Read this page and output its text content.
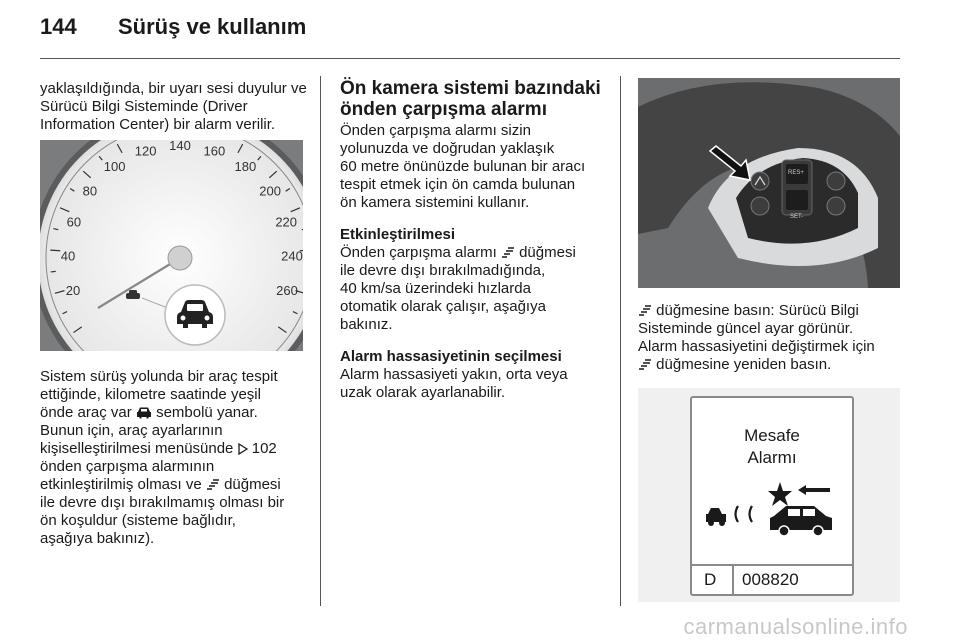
144 Sürüş ve kullanım

yaklaşıldığında, bir uyarı sesi duyulur ve Sürücü Bilgi Sisteminde (Driver Information Center) bir alarm verilir.

20
40
60
80
100
120 140 160
180
200
220
240
260

Sistem sürüş yolunda bir araç tespit
ettiğinde, kilometre saatinde yeşil
önde araç var sembolü yanar.
Bunun için, araç ayarlarının
kişiselleştirilmesi menüsünde 102
önden çarpışma alarmının
etkinleştirilmiş olması ve düğmesi
ile devre dışı bırakılmamış olması bir
ön koşuldur (sisteme bağlıdır,
aşağıya bakınız).

Ön kamera sistemi bazındaki
önden çarpışma alarmı

Önden çarpışma alarmı sizin
yolunuzda ve doğrudan yaklaşık
60 metre önünüzde bulunan bir aracı
tespit etmek için ön camda bulunan
ön kamera sistemini kullanır.

Etkinleştirilmesi

Önden çarpışma alarmı düğmesi
ile devre dışı bırakılmadığında,
40 km/sa üzerindeki hızlarda
otomatik olarak çalışır, aşağıya
bakınız.

Alarm hassasiyetinin seçilmesi

Alarm hassasiyeti yakın, orta veya
uzak olarak ayarlanabilir.

RES+
SET-

düğmesine basın: Sürücü Bilgi
Sisteminde güncel ayar görünür.
Alarm hassasiyetini değiştirmek için
düğmesine yeniden basın.

Mesafe
Alarmı
D 008820
carmanualsonline.info
